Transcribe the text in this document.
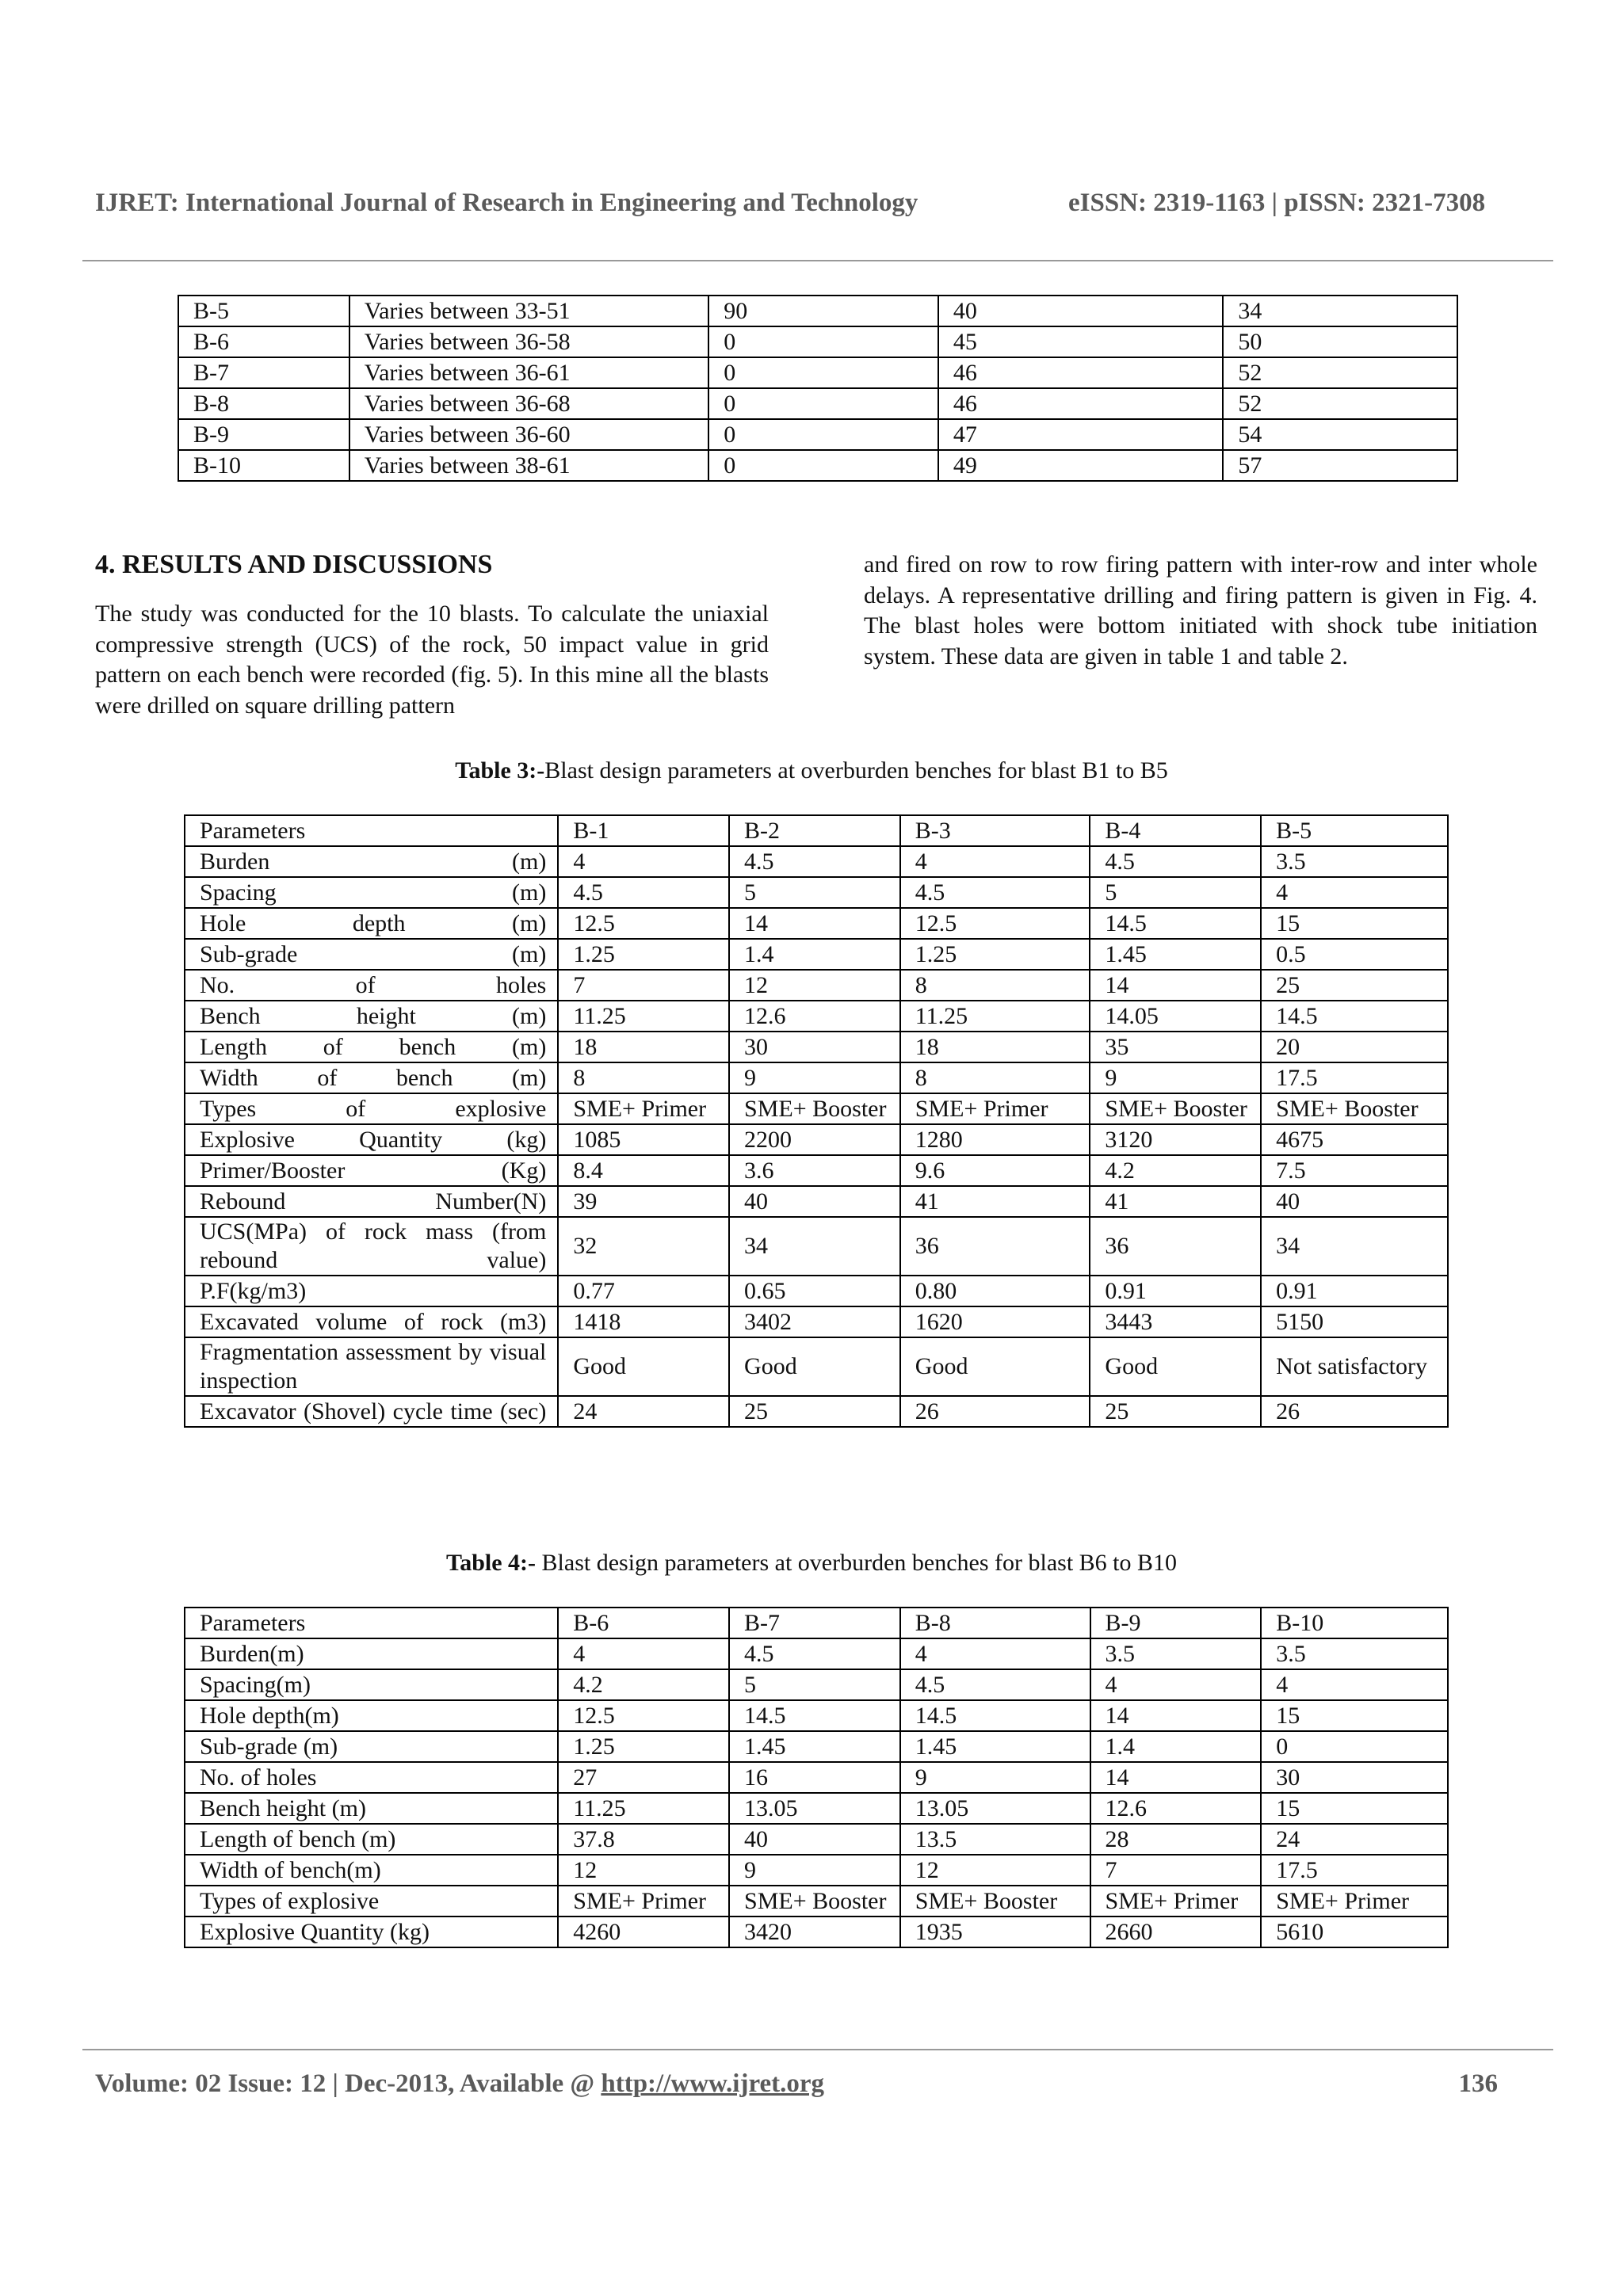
IJRET: International Journal of Research in Engineering and Technology	eISSN: 2319-1163 | pISSN: 2321-7308
B-5	Varies between 33-51	90	40	34
B-6	Varies between 36-58	0	45	50
B-7	Varies between 36-61	0	46	52
B-8	Varies between 36-68	0	46	52
B-9	Varies between 36-60	0	47	54
B-10	Varies between 38-61	0	49	57
4. RESULTS AND DISCUSSIONS

The study was conducted for the 10 blasts. To calculate the uniaxial compressive strength (UCS) of the rock, 50 impact value in grid pattern on each bench were recorded (fig. 5). In this mine all the blasts were drilled on square drilling pattern

and fired on row to row firing pattern with inter-row and inter whole delays. A representative drilling and firing pattern is given in Fig. 4. The blast holes were bottom initiated with shock tube initiation system. These data are given in table 1 and table 2.

Table 3:-Blast design parameters at overburden benches for blast B1 to B5
Parameters	B-1	B-2	B-3	B-4	B-5
Burden (m)	4	4.5	4	4.5	3.5
Spacing (m)	4.5	5	4.5	5	4
Hole depth (m)	12.5	14	12.5	14.5	15
Sub-grade (m)	1.25	1.4	1.25	1.45	0.5
No. of holes	7	12	8	14	25
Bench height (m)	11.25	12.6	11.25	14.05	14.5
Length of bench (m)	18	30	18	35	20
Width of bench (m)	8	9	8	9	17.5
Types of explosive	SME+ Primer	SME+ Booster	SME+ Primer	SME+ Booster	SME+ Booster
Explosive Quantity (kg)	1085	2200	1280	3120	4675
Primer/Booster (Kg)	8.4	3.6	9.6	4.2	7.5
Rebound Number(N)	39	40	41	41	40
UCS(MPa) of rock mass (from rebound value)	32	34	36	36	34
P.F(kg/m3)	0.77	0.65	0.80	0.91	0.91
Excavated volume of rock (m3)	1418	3402	1620	3443	5150
Fragmentation assessment by visual inspection	Good	Good	Good	Good	Not satisfactory
Excavator (Shovel) cycle time (sec)	24	25	26	25	26
Table 4:- Blast design parameters at overburden benches for blast B6 to B10
Parameters	B-6	B-7	B-8	B-9	B-10
Burden(m)	4	4.5	4	3.5	3.5
Spacing(m)	4.2	5	4.5	4	4
Hole depth(m)	12.5	14.5	14.5	14	15
Sub-grade (m)	1.25	1.45	1.45	1.4	0
No. of holes	27	16	9	14	30
Bench height (m)	11.25	13.05	13.05	12.6	15
Length of bench (m)	37.8	40	13.5	28	24
Width of bench(m)	12	9	12	7	17.5
Types of explosive	SME+ Primer	SME+ Booster	SME+ Booster	SME+ Primer	SME+ Primer
Explosive Quantity (kg)	4260	3420	1935	2660	5610
Volume: 02 Issue: 12 | Dec-2013, Available @ http://www.ijret.org	136
